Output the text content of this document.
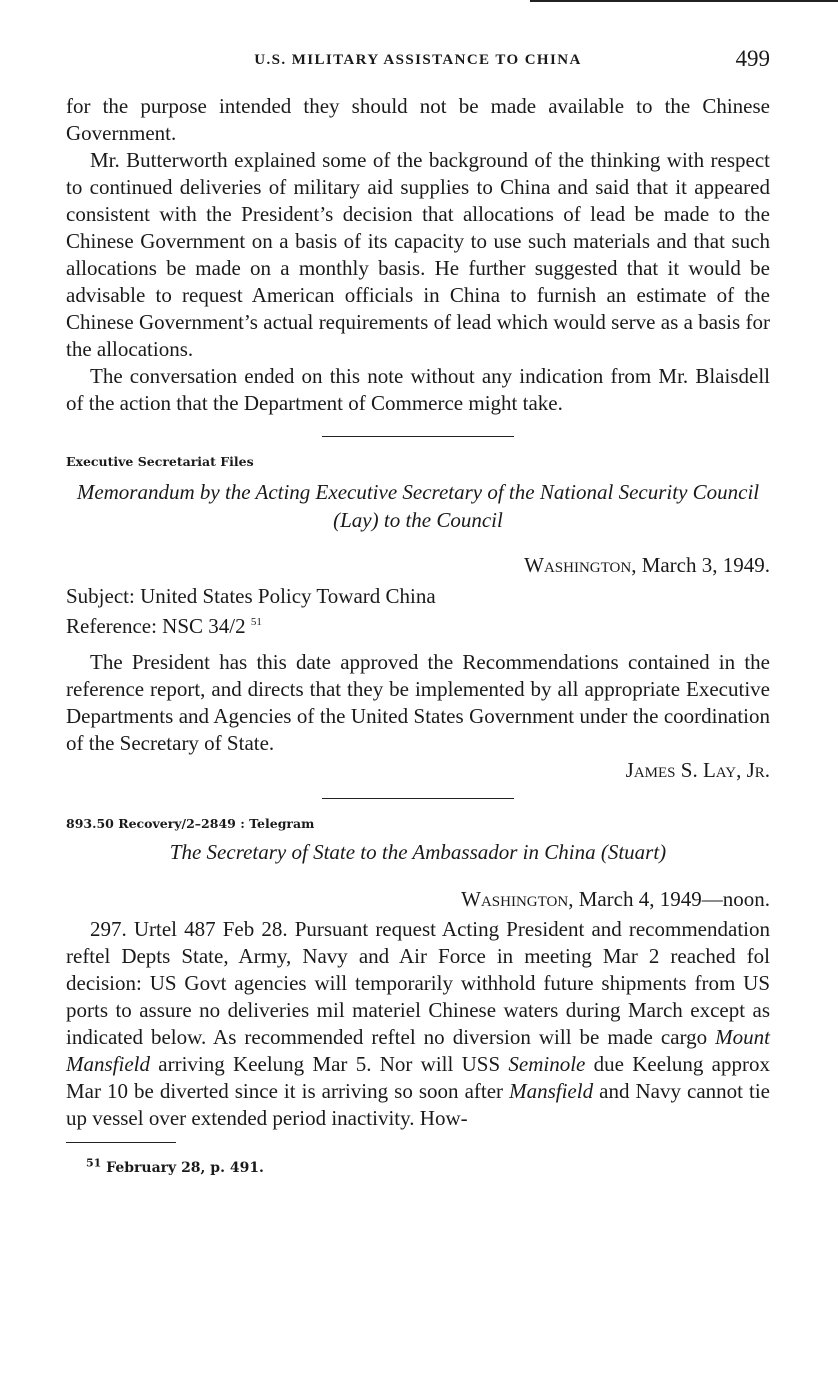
U.S. MILITARY ASSISTANCE TO CHINA	499

for the purpose intended they should not be made available to the Chinese Government.

Mr. Butterworth explained some of the background of the thinking with respect to continued deliveries of military aid supplies to China and said that it appeared consistent with the President’s decision that allocations of lead be made to the Chinese Government on a basis of its capacity to use such materials and that such allocations be made on a monthly basis. He further suggested that it would be advisable to request American officials in China to furnish an estimate of the Chinese Government’s actual requirements of lead which would serve as a basis for the allocations.

The conversation ended on this note without any indication from Mr. Blaisdell of the action that the Department of Commerce might take.

Executive Secretariat Files
Memorandum by the Acting Executive Secretary of the National Security Council (Lay) to the Council
Washington, March 3, 1949.

Subject: United States Policy Toward China

Reference: NSC 34/2 $^{51}$

The President has this date approved the Recommendations contained in the reference report, and directs that they be implemented by all appropriate Executive Departments and Agencies of the United States Government under the coordination of the Secretary of State.

James S. Lay, Jr.
893.50 Recovery/2–2849 : Telegram
The Secretary of State to the Ambassador in China (Stuart)
Washington, March 4, 1949—noon.

297. Urtel 487 Feb 28. Pursuant request Acting President and recommendation reftel Depts State, Army, Navy and Air Force in meeting Mar 2 reached fol decision: US Govt agencies will temporarily withhold future shipments from US ports to assure no deliveries mil materiel Chinese waters during March except as indicated below. As recommended reftel no diversion will be made cargo Mount Mansfield arriving Keelung Mar 5. Nor will USS Seminole due Keelung approx Mar 10 be diverted since it is arriving so soon after Mansfield and Navy cannot tie up vessel over extended period inactivity. How-

$^{51}$ February 28, p. 491.
